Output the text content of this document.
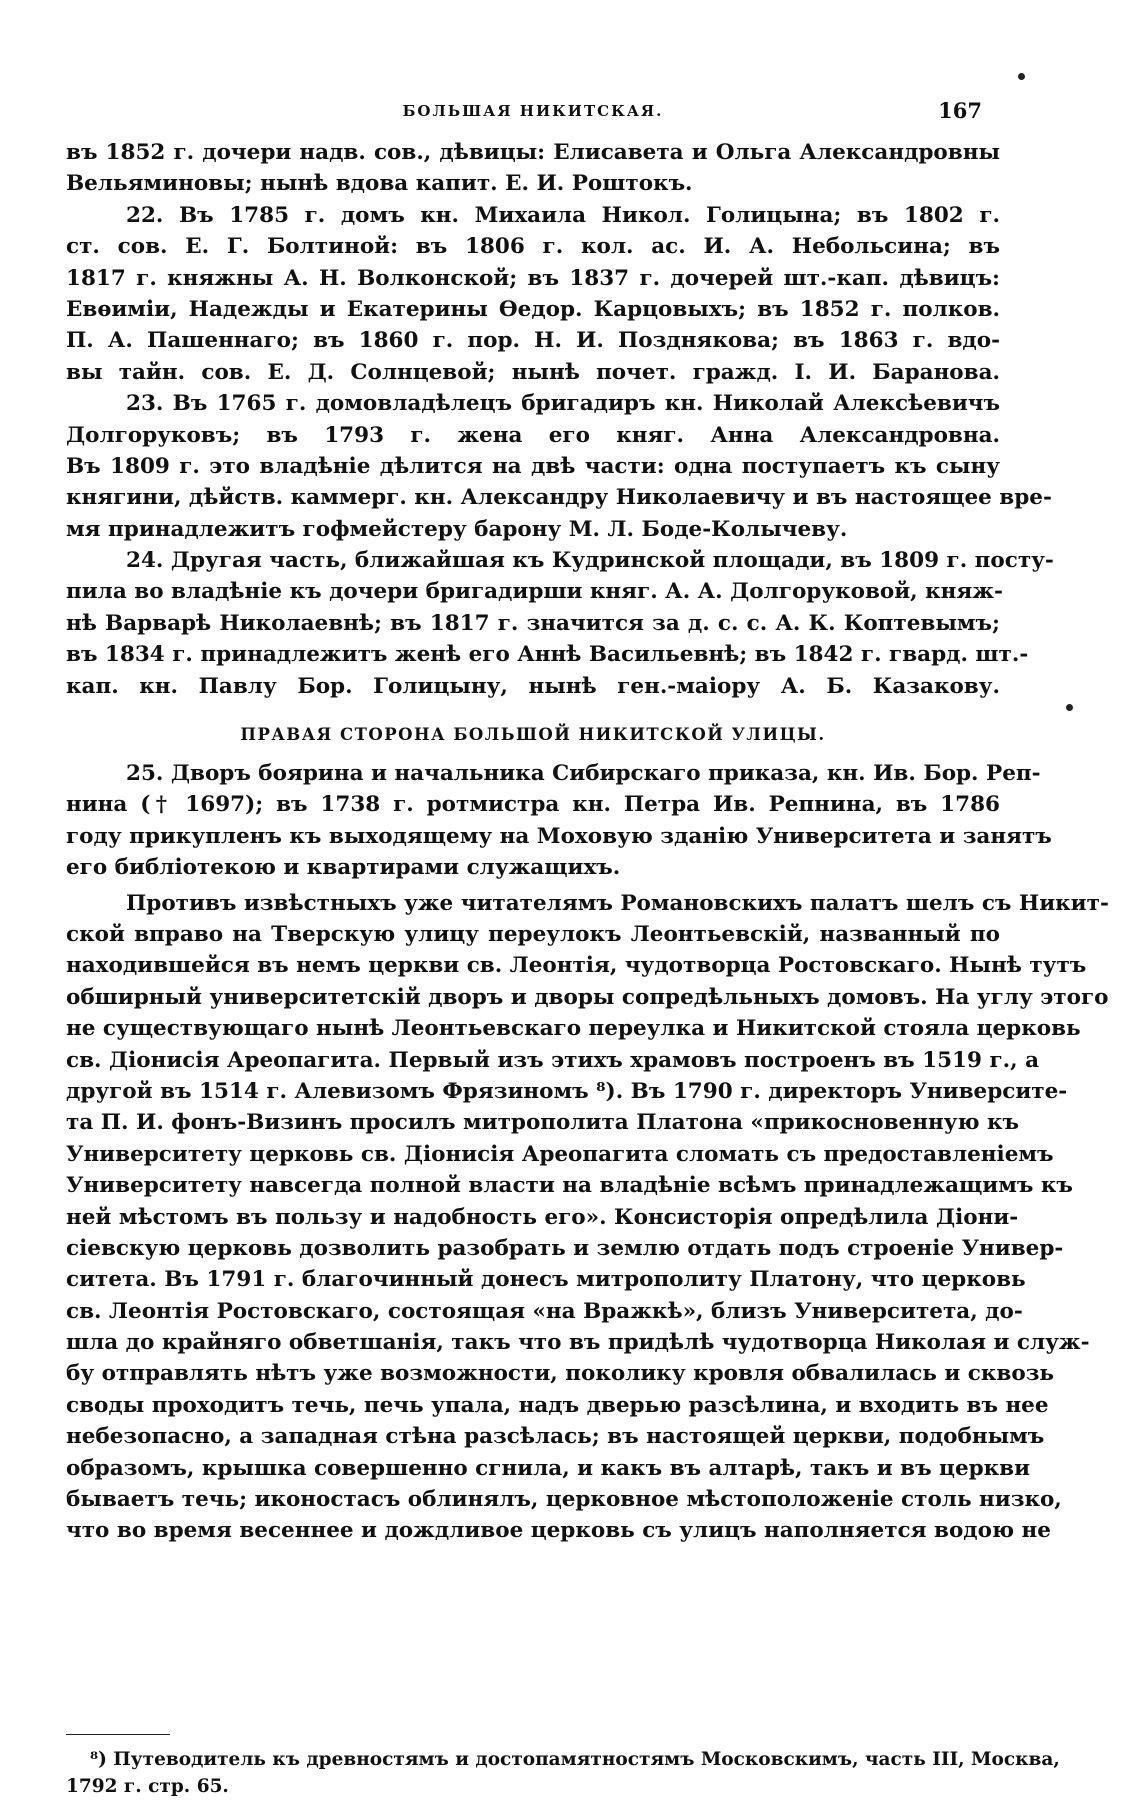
БОЛЬШАЯ НИКИТСКАЯ.	167
въ 1852 г. дочери надв. сов., дѣвицы: Елисавета и Ольга Александровны
Вельяминовы; нынѣ вдова капит. Е. И. Роштокъ.
22. Въ 1785 г. домъ кн. Михаила Никол. Голицына; въ 1802 г.
ст. сов. Е. Г. Болтиной: въ 1806 г. кол. ас. И. А. Небольсина; въ
1817 г. княжны А. Н. Волконской; въ 1837 г. дочерей шт.-кап. дѣвицъ:
Евѳиміи, Надежды и Екатерины Ѳедор. Карцовыхъ; въ 1852 г. полков.
П. А. Пашеннаго; въ 1860 г. пор. Н. И. Позднякова; въ 1863 г. вдо-
вы тайн. сов. Е. Д. Солнцевой; нынѣ почет. гражд. І. И. Баранова.
23. Въ 1765 г. домовладѣлецъ бригадиръ кн. Николай Алексѣевичъ
Долгоруковъ; въ 1793 г. жена его княг. Анна Александровна.
Въ 1809 г. это владѣніе дѣлится на двѣ части: одна поступаетъ къ сыну
княгини, дѣйств. каммерг. кн. Александру Николаевичу и въ настоящее вре-
мя принадлежитъ гофмейстеру барону М. Л. Боде-Колычеву.
24. Другая часть, ближайшая къ Кудринской площади, въ 1809 г. посту-
пила во владѣніе къ дочери бригадирши княг. А. А. Долгоруковой, княж-
нѣ Варварѣ Николаевнѣ; въ 1817 г. значится за д. с. с. А. К. Коптевымъ;
въ 1834 г. принадлежитъ женѣ его Аннѣ Васильевнѣ; въ 1842 г. гвард. шт.-
кап. кн. Павлу Бор. Голицыну, нынѣ ген.-маіору А. Б. Казакову.
ПРАВАЯ СТОРОНА БОЛЬШОЙ НИКИТСКОЙ УЛИЦЫ.
25. Дворъ боярина и начальника Сибирскаго приказа, кн. Ив. Бор. Реп-
нина († 1697); въ 1738 г. ротмистра кн. Петра Ив. Репнина, въ 1786
году прикупленъ къ выходящему на Моховую зданію Университета и занятъ
его библіотекою и квартирами служащихъ.
Противъ извѣстныхъ уже читателямъ Романовскихъ палатъ шелъ съ Никит-
ской вправо на Тверскую улицу переулокъ Леонтьевскій, названный по
находившейся въ немъ церкви св. Леонтія, чудотворца Ростовскаго. Нынѣ тутъ
обширный университетскій дворъ и дворы сопредѣльныхъ домовъ. На углу этого
не существующаго нынѣ Леонтьевскаго переулка и Никитской стояла церковь
св. Діонисія Ареопагита. Первый изъ этихъ храмовъ построенъ въ 1519 г., а
другой въ 1514 г. Алевизомъ Фрязиномъ ⁸). Въ 1790 г. директоръ Университе-
та П. И. фонъ-Визинъ просилъ митрополита Платона «прикосновенную къ
Университету церковь св. Діонисія Ареопагита сломать съ предоставленіемъ
Университету навсегда полной власти на владѣніе всѣмъ принадлежащимъ къ
ней мѣстомъ въ пользу и надобность его». Консисторія опредѣлила Діони-
сіевскую церковь дозволить разобрать и землю отдать подъ строеніе Универ-
ситета. Въ 1791 г. благочинный донесъ митрополиту Платону, что церковь
св. Леонтія Ростовскаго, состоящая «на Вражкѣ», близъ Университета, до-
шла до крайняго обветшанія, такъ что въ придѣлѣ чудотворца Николая и служ-
бу отправлять нѣтъ уже возможности, поколику кровля обвалилась и сквозь
своды проходитъ течь, печь упала, надъ дверью разсѣлина, и входить въ нее
небезопасно, а западная стѣна разсѣлась; въ настоящей церкви, подобнымъ
образомъ, крышка совершенно сгнила, и какъ въ алтарѣ, такъ и въ церкви
бываетъ течь; иконостасъ облинялъ, церковное мѣстоположеніе столь низко,
что во время весеннее и дождливое церковь съ улицъ наполняется водою не
⁸) Путеводитель къ древностямъ и достопамятностямъ Московскимъ, часть III, Москва,
1792 г. стр. 65.
